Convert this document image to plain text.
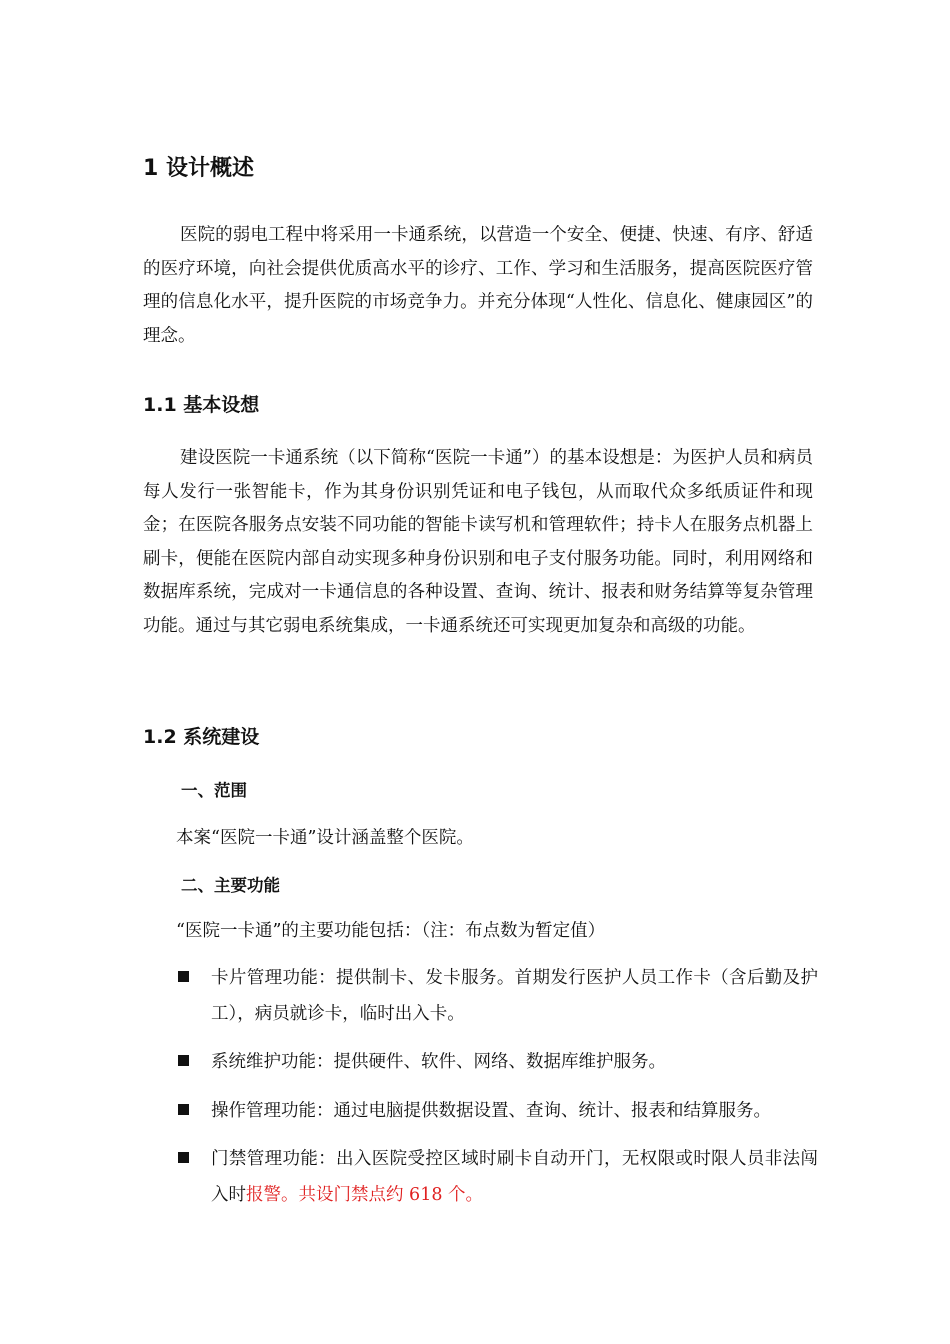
1 设计概述

医院的弱电工程中将采用一卡通系统，以营造一个安全、便捷、快速、有序、舒适的医疗环境，向社会提供优质高水平的诊疗、工作、学习和生活服务，提高医院医疗管理的信息化水平，提升医院的市场竞争力。并充分体现“人性化、信息化、健康园区”的理念。

1.1 基本设想

建设医院一卡通系统（以下简称“医院一卡通”）的基本设想是：为医护人员和病员每人发行一张智能卡，作为其身份识别凭证和电子钱包，从而取代众多纸质证件和现金；在医院各服务点安装不同功能的智能卡读写机和管理软件；持卡人在服务点机器上刷卡，便能在医院内部自动实现多种身份识别和电子支付服务功能。同时，利用网络和数据库系统，完成对一卡通信息的各种设置、查询、统计、报表和财务结算等复杂管理功能。通过与其它弱电系统集成，一卡通系统还可实现更加复杂和高级的功能。

1.2 系统建设
一、范围

本案“医院一卡通”设计涵盖整个医院。

二、主要功能

“医院一卡通”的主要功能包括：（注：布点数为暂定值）

卡片管理功能：提供制卡、发卡服务。首期发行医护人员工作卡（含后勤及护工），病员就诊卡，临时出入卡。
系统维护功能：提供硬件、软件、网络、数据库维护服务。
操作管理功能：通过电脑提供数据设置、查询、统计、报表和结算服务。
门禁管理功能：出入医院受控区域时刷卡自动开门，无权限或时限人员非法闯入时报警。共设门禁点约 618 个。
